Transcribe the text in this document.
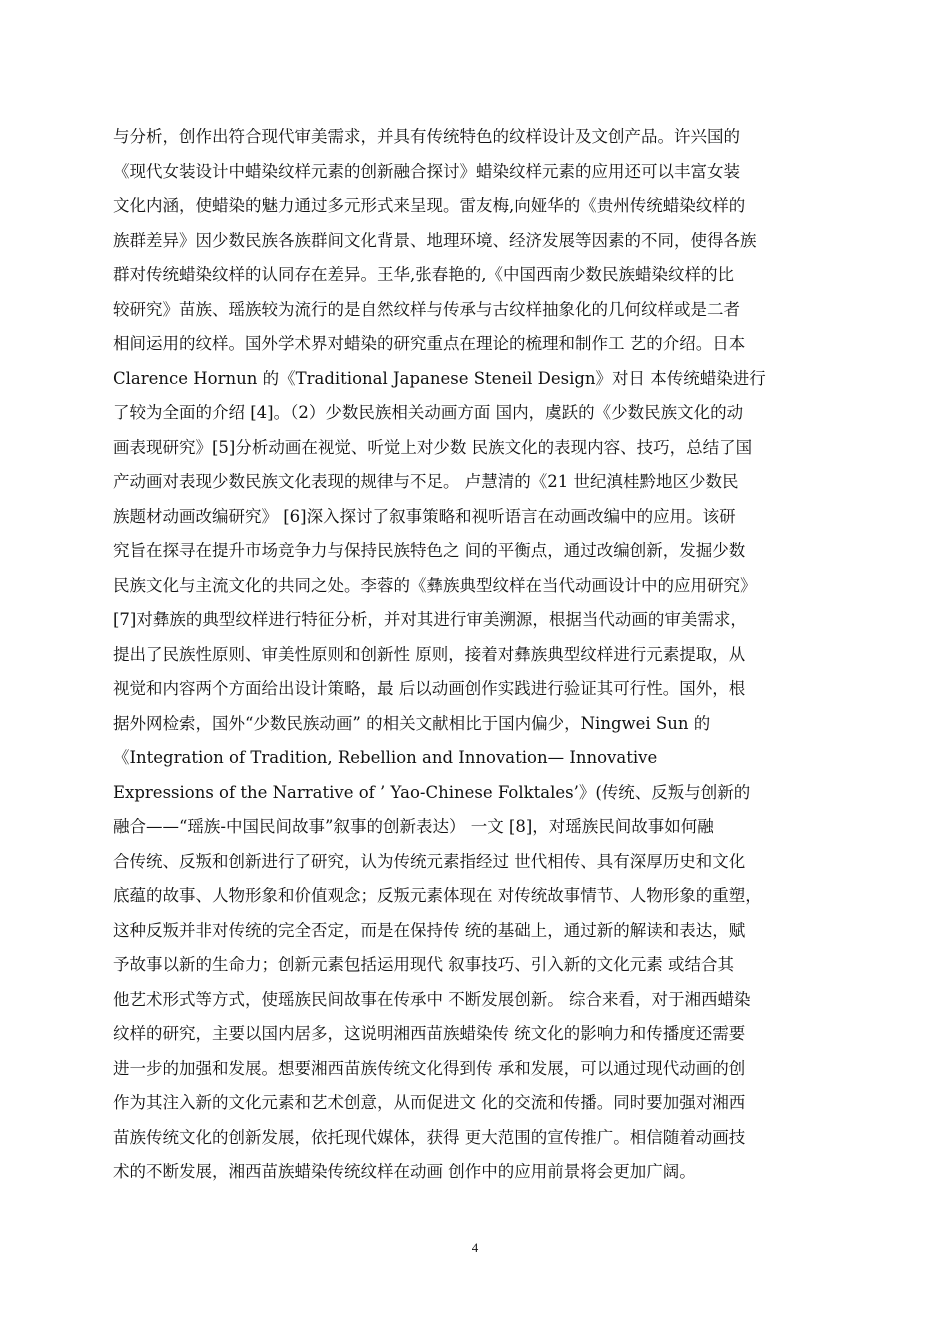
与分析，创作出符合现代审美需求，并具有传统特色的纹样设计及文创产品。许兴国的
《现代女装设计中蜡染纹样元素的创新融合探讨》蜡染纹样元素的应用还可以丰富女装
文化内涵，使蜡染的魅力通过多元形式来呈现。雷友梅,向娅华的《贵州传统蜡染纹样的
族群差异》因少数民族各族群间文化背景、地理环境、经济发展等因素的不同，使得各族
群对传统蜡染纹样的认同存在差异。王华,张春艳的,《中国西南少数民族蜡染纹样的比
较研究》苗族、瑶族较为流行的是自然纹样与传承与古纹样抽象化的几何纹样或是二者
相间运用的纹样。国外学术界对蜡染的研究重点在理论的梳理和制作工 艺的介绍。日本
Clarence Hornun 的《Traditional Japanese Steneil Design》对日 本传统蜡染进行
了较为全面的介绍 [4]。（2）少数民族相关动画方面 国内，虞跃的《少数民族文化的动
画表现研究》[5]分析动画在视觉、听觉上对少数 民族文化的表现内容、技巧，总结了国
产动画对表现少数民族文化表现的规律与不足。 卢慧清的《21 世纪滇桂黔地区少数民
族题材动画改编研究》 [6]深入探讨了叙事策略和视听语言在动画改编中的应用。该研
究旨在探寻在提升市场竞争力与保持民族特色之 间的平衡点，通过改编创新，发掘少数
民族文化与主流文化的共同之处。李蓉的《彝族典型纹样在当代动画设计中的应用研究》
[7]对彝族的典型纹样进行特征分析，并对其进行审美溯源，根据当代动画的审美需求，
提出了民族性原则、审美性原则和创新性 原则，接着对彝族典型纹样进行元素提取，从
视觉和内容两个方面给出设计策略，最 后以动画创作实践进行验证其可行性。国外，根
据外网检索，国外“少数民族动画” 的相关文献相比于国内偏少，Ningwei Sun 的
《Integration of Tradition, Rebellion and Innovation— Innovative
Expressions of the Narrative of ’ Yao-Chinese Folktales’》(传统、反叛与创新的
融合——“瑶族-中国民间故事”叙事的创新表达） 一文 [8]，对瑶族民间故事如何融
合传统、反叛和创新进行了研究，认为传统元素指经过 世代相传、具有深厚历史和文化
底蕴的故事、人物形象和价值观念；反叛元素体现在 对传统故事情节、人物形象的重塑，
这种反叛并非对传统的完全否定，而是在保持传 统的基础上，通过新的解读和表达，赋
予故事以新的生命力；创新元素包括运用现代 叙事技巧、引入新的文化元素 或结合其
他艺术形式等方式，使瑶族民间故事在传承中 不断发展创新。 综合来看，对于湘西蜡染
纹样的研究，主要以国内居多，这说明湘西苗族蜡染传 统文化的影响力和传播度还需要
进一步的加强和发展。想要湘西苗族传统文化得到传 承和发展，可以通过现代动画的创
作为其注入新的文化元素和艺术创意，从而促进文 化的交流和传播。同时要加强对湘西
苗族传统文化的创新发展，依托现代媒体，获得 更大范围的宣传推广。相信随着动画技
术的不断发展，湘西苗族蜡染传统纹样在动画 创作中的应用前景将会更加广阔。
4
